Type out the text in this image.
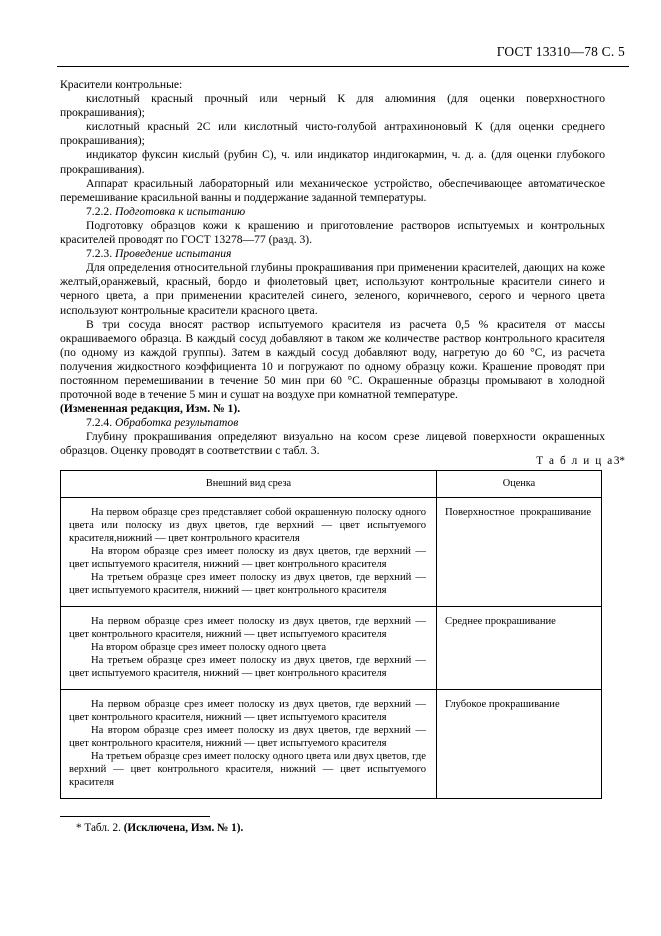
ГОСТ 13310—78 С. 5

Красители контрольные:

кислотный красный прочный или черный К для алюминия (для оценки поверхностного прокрашивания);

кислотный красный 2С или кислотный чисто-голубой антрахиноновый К (для оценки среднего прокрашивания);

индикатор фуксин кислый (рубин С), ч. или индикатор индигокармин, ч. д. а. (для оценки глубокого прокрашивания).

Аппарат красильный лабораторный или механическое устройство, обеспечивающее автоматическое перемешивание красильной ванны и поддержание заданной температуры.

7.2.2. Подготовка к испытанию

Подготовку образцов кожи к крашению и приготовление растворов испытуемых и контрольных красителей проводят по ГОСТ 13278—77 (разд. 3).

7.2.3. Проведение испытания

Для определения относительной глубины прокрашивания при применении красителей, дающих на коже желтый,оранжевый, красный, бордо и фиолетовый цвет, используют контрольные красители синего и черного цвета, а при применении красителей синего, зеленого, коричневого, серого и черного цвета используют контрольные красители красного цвета.

В три сосуда вносят раствор испытуемого красителя из расчета 0,5 % красителя от массы окрашиваемого образца. В каждый сосуд добавляют в таком же количестве раствор контрольного красителя (по одному из каждой группы). Затем в каждый сосуд добавляют воду, нагретую до 60 °C, из расчета получения жидкостного коэффициента 10 и погружают по одному образцу кожи. Крашение проводят при постоянном перемешивании в течение 50 мин при 60 °C. Окрашенные образцы промывают в холодной проточной воде в течение 5 мин и сушат на воздухе при комнатной температуре.

(Измененная редакция, Изм. № 1).

7.2.4. Обработка результатов

Глубину прокрашивания определяют визуально на косом срезе лицевой поверхности окрашенных образцов. Оценку проводят в соответствии с табл. 3.

Т а б л и ц а3*
Внешний вид среза	Оценка

На первом образце срез представляет собой окрашенную полоcку одного цвета или полоcку из двух цветов, где верхний — цвет испытуемого красителя,нижний — цвет контрольного красителя

На втором образце срез имеет полоcку из двух цветов, где верхний — цвет испытуемого красителя, нижний — цвет контрольного красителя

На третьем образце срез имеет полоcку из двух цветов, где верхний — цвет испытуемого красителя, нижний — цвет контрольного красителя	Поверхностное прокрашивание

На первом образце срез имеет полоcку из двух цветов, где верхний — цвет контрольного красителя, нижний — цвет испытуемого красителя

На втором образце срез имеет полоcку одного цвета

На третьем образце срез имеет полоcку из двух цветов, где верхний — цвет испытуемого красителя, нижний — цвет контрольного красителя	Среднее прокрашивание

На первом образце срез имеет полоcку из двух цветов, где верхний — цвет контрольного красителя, нижний — цвет испытуемого красителя

На втором образце срез имеет полоcку из двух цветов, где верхний — цвет контрольного красителя, нижний — цвет испытуемого красителя

На третьем образце срез имеет полоcку одного цвета или двух цветов, где верхний — цвет контрольного красителя, нижний — цвет испытуемого красителя	Глубокое прокрашивание

* Табл. 2. (Исключена, Изм. № 1).
